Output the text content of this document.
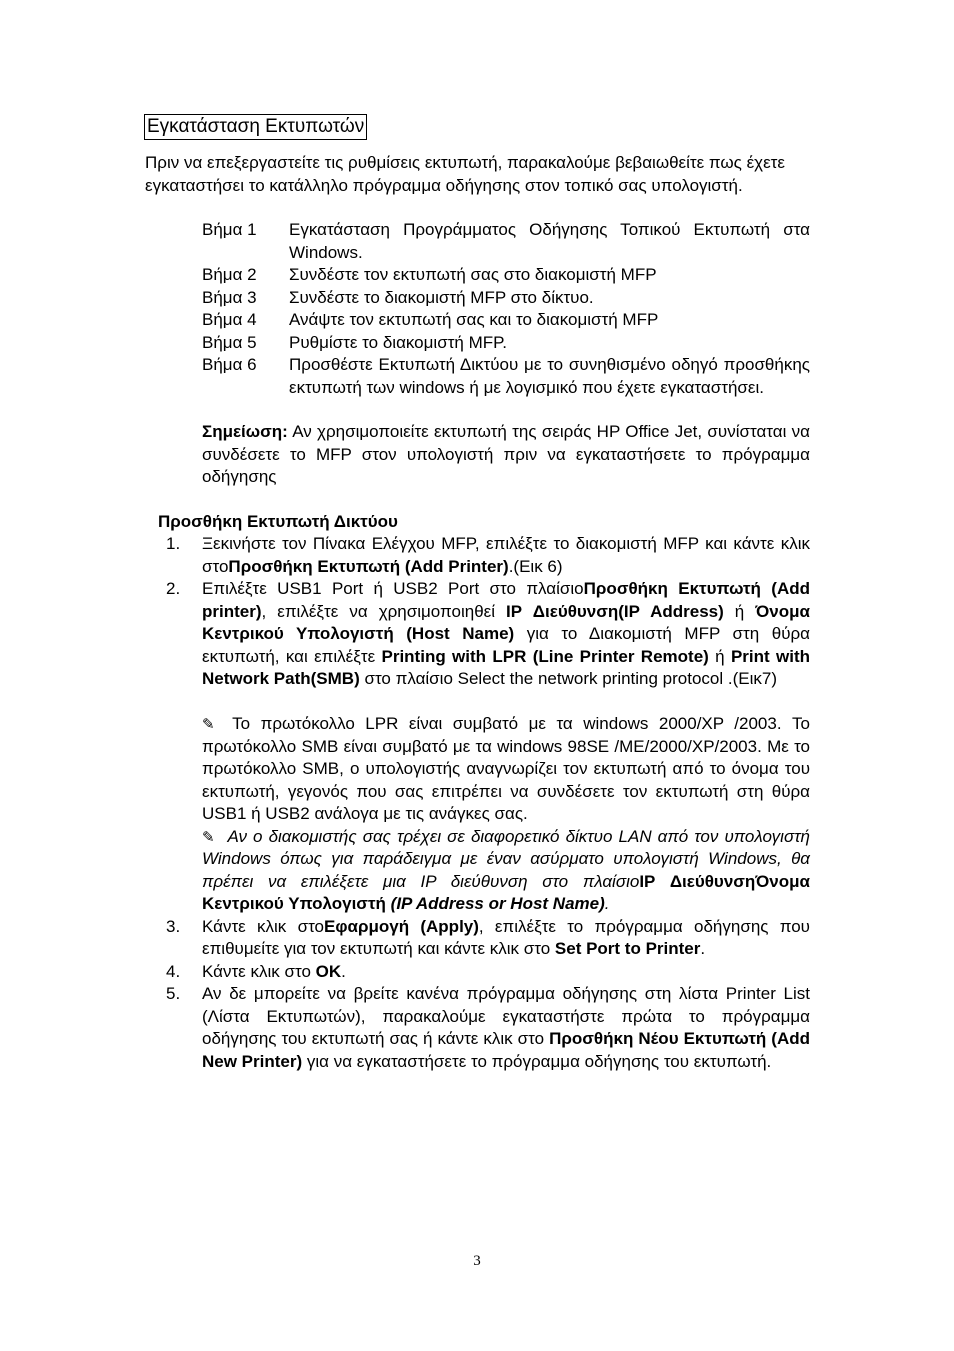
Εγκατάσταση Εκτυπωτών
Πριν να επεξεργαστείτε τις ρυθμίσεις εκτυπωτή, παρακαλούμε βεβαιωθείτε πως έχετε εγκαταστήσει το κατάλληλο πρόγραμμα οδήγησης στον τοπικό σας υπολογιστή.
Βήμα 1	Εγκατάσταση Προγράμματος Οδήγησης Τοπικού Εκτυπωτή στα Windows.
Βήμα 2	Συνδέστε τον εκτυπωτή σας στο διακομιστή MFP
Βήμα 3	Συνδέστε το διακομιστή MFP στο δίκτυο.
Βήμα 4	Ανάψτε τον εκτυπωτή σας και το διακομιστή MFP
Βήμα 5	Ρυθμίστε το διακομιστή MFP.
Βήμα 6	Προσθέστε Εκτυπωτή Δικτύου με το συνηθισμένο οδηγό προσθήκης εκτυπωτή των windows ή με λογισμικό που έχετε εγκαταστήσει.
Σημείωση: Αν χρησιμοποιείτε εκτυπωτή της σειράς HP Office Jet, συνίσταται να συνδέσετε το MFP στον υπολογιστή πριν να εγκαταστήσετε το πρόγραμμα οδήγησης
Προσθήκη Εκτυπωτή Δικτύου
1.	Ξεκινήστε τον Πίνακα Ελέγχου MFP, επιλέξτε το διακομιστή MFP και κάντε κλικ στοΠροσθήκη Εκτυπωτή (Add Printer).(Εικ 6)
2.	Επιλέξτε USB1 Port ή USB2 Port στο πλαίσιοΠροσθήκη Εκτυπωτή (Add printer), επιλέξτε να χρησιμοποιηθεί IP Διεύθυνση(IP Address) ή Όνομα Κεντρικού Υπολογιστή (Host Name) για το Διακομιστή MFP στη θύρα εκτυπωτή, και επιλέξτε Printing with LPR (Line Printer Remote) ή Print with Network Path(SMB) στο πλαίσιο Select the network printing protocol .(Εικ7)
✎ Το πρωτόκολλο LPR είναι συμβατό με τα windows 2000/XP /2003. Το πρωτόκολλο SMB είναι συμβατό με τα windows 98SE /ME/2000/XP/2003. Με το πρωτόκολλο SMB, ο υπολογιστής αναγνωρίζει τον εκτυπωτή από το όνομα του εκτυπωτή, γεγονός που σας επιτρέπει να συνδέσετε τον εκτυπωτή στη θύρα USB1 ή USB2 ανάλογα με τις ανάγκες σας.
✎ Αν ο διακομιστής σας τρέχει σε διαφορετικό δίκτυο LAN από τον υπολογιστή Windows όπως για παράδειγμα με έναν ασύρματο υπολογιστή Windows, θα πρέπει να επιλέξετε μια IP διεύθυνση στο πλαίσιοIP ΔιεύθυνσηΌνομα Κεντρικού Υπολογιστή (IP Address or Host Name).
3.	Κάντε κλικ στοΕφαρμογή (Apply), επιλέξτε το πρόγραμμα οδήγησης που επιθυμείτε για τον εκτυπωτή και κάντε κλικ στο Set Port to Printer.
4.	Κάντε κλικ στο OK.
5.	Αν δε μπορείτε να βρείτε κανένα πρόγραμμα οδήγησης στη λίστα Printer List (Λίστα Εκτυπωτών), παρακαλούμε εγκαταστήστε πρώτα το πρόγραμμα οδήγησης του εκτυπωτή σας ή κάντε κλικ στο Προσθήκη Νέου Εκτυπωτή (Add New Printer) για να εγκαταστήσετε το πρόγραμμα οδήγησης του εκτυπωτή.
3
